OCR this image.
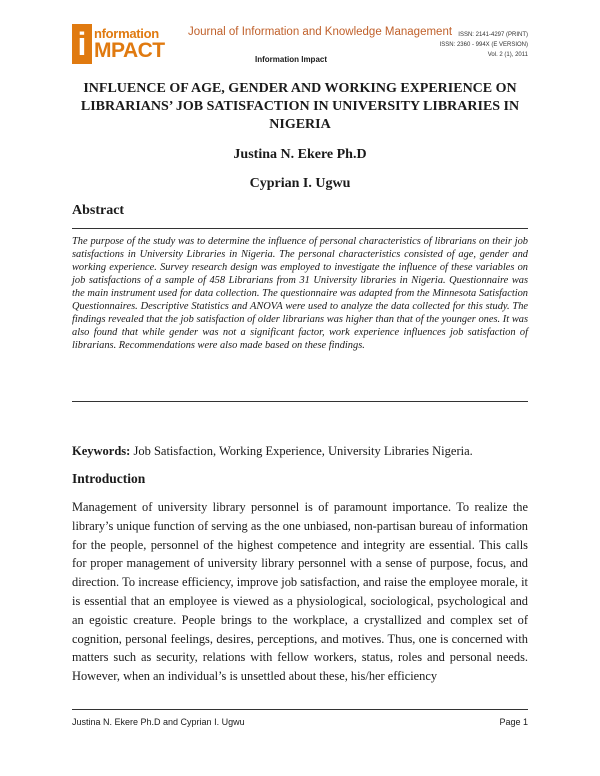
i nformation
MPACT
Journal of Information and Knowledge Management
Information Impact
ISSN: 2141-4297 (PRINT)
ISSN: 2360 - 994X (E VERSION)
Vol. 2 (1), 2011
INFLUENCE OF AGE, GENDER AND WORKING EXPERIENCE ON LIBRARIANS’ JOB SATISFACTION IN UNIVERSITY LIBRARIES IN NIGERIA
Justina N. Ekere Ph.D
Cyprian I. Ugwu
Abstract
The purpose of the study was to determine the influence of personal characteristics of librarians on their job satisfactions in University Libraries in Nigeria. The personal characteristics consisted of age, gender and working experience. Survey research design was employed to investigate the influence of these variables on job satisfactions of a sample of 458 Librarians from 31 University libraries in Nigeria. Questionnaire was the main instrument used for data collection. The questionnaire was adapted from the Minnesota Satisfaction Questionnaires. Descriptive Statistics and ANOVA were used to analyze the data collected for this study. The findings revealed that the job satisfaction of older librarians was higher than that of the younger ones. It was also found that while gender was not a significant factor, work experience influences job satisfaction of librarians. Recommendations were also made based on these findings.
Keywords: Job Satisfaction, Working Experience, University Libraries Nigeria.
Introduction
Management of university library personnel is of paramount importance. To realize the library’s unique function of serving as the one unbiased, non-partisan bureau of information for the people, personnel of the highest competence and integrity are essential. This calls for proper management of university library personnel with a sense of purpose, focus, and direction. To increase efficiency, improve job satisfaction, and raise the employee morale, it is essential that an employee is viewed as a physiological, sociological, psychological and an egoistic creature. People brings to the workplace, a crystallized and complex set of cognition, personal feelings, desires, perceptions, and motives. Thus, one is concerned with matters such as security, relations with fellow workers, status, roles and personal needs. However, when an individual’s is unsettled about these, his/her efficiency
Justina N. Ekere Ph.D and Cyprian I. Ugwu	Page 1
